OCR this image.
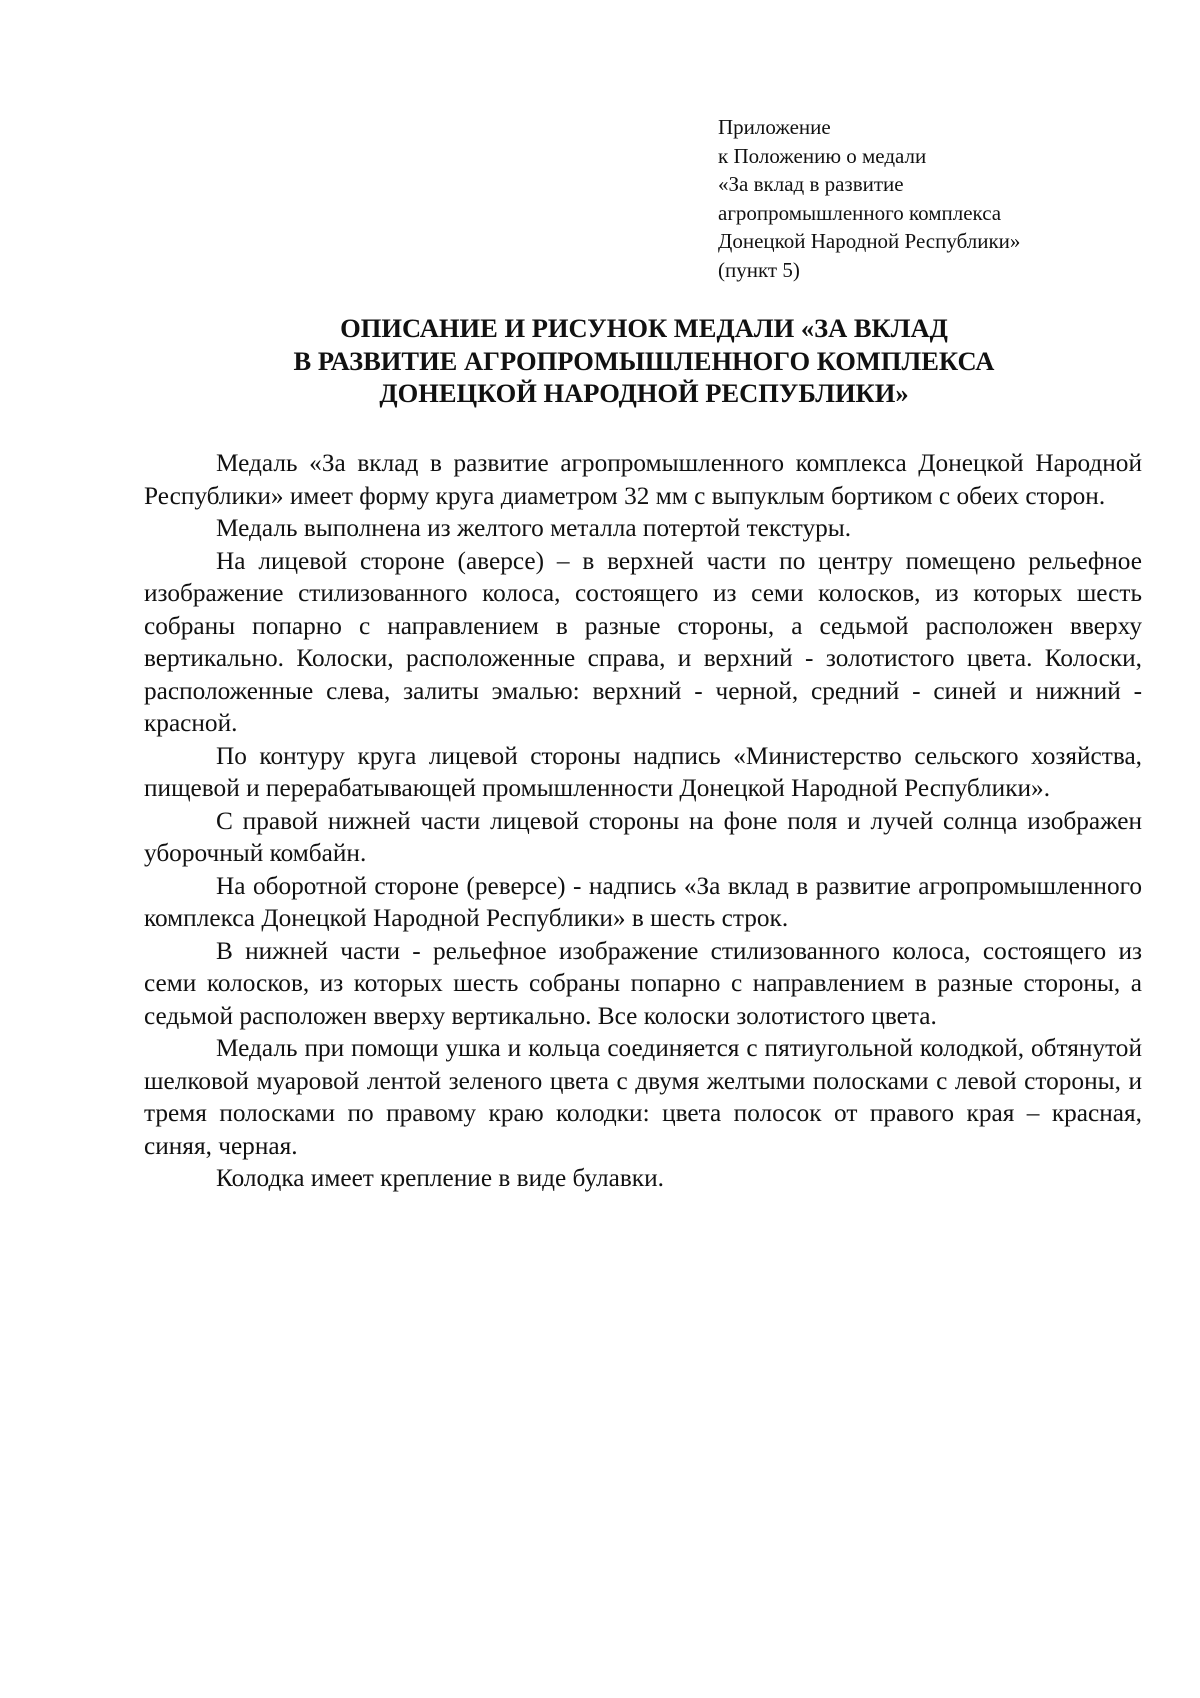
Приложение
к Положению о медали
«За вклад в развитие
агропромышленного комплекса
Донецкой Народной Республики»
(пункт 5)
ОПИСАНИЕ И РИСУНОК МЕДАЛИ «ЗА ВКЛАД
В РАЗВИТИЕ АГРОПРОМЫШЛЕННОГО КОМПЛЕКСА
ДОНЕЦКОЙ НАРОДНОЙ РЕСПУБЛИКИ»

Медаль «За вклад в развитие агропромышленного комплекса Донецкой Народной Республики» имеет форму круга диаметром 32 мм с выпуклым бортиком с обеих сторон.

Медаль выполнена из желтого металла потертой текстуры.

На лицевой стороне (аверсе) – в верхней части по центру помещено рельефное изображение стилизованного колоса, состоящего из семи колосков, из которых шесть собраны попарно с направлением в разные стороны, а седьмой расположен вверху вертикально. Колоски, расположенные справа, и верхний - золотистого цвета. Колоски, расположенные слева, залиты эмалью: верхний - черной, средний - синей и нижний - красной.

По контуру круга лицевой стороны надпись «Министерство сельского хозяйства, пищевой и перерабатывающей промышленности Донецкой Народной Республики».

С правой нижней части лицевой стороны на фоне поля и лучей солнца изображен уборочный комбайн.

На оборотной стороне (реверсе) - надпись «За вклад в развитие агропромышленного комплекса Донецкой Народной Республики» в шесть строк.

В нижней части - рельефное изображение стилизованного колоса, состоящего из семи колосков, из которых шесть собраны попарно с направлением в разные стороны, а седьмой расположен вверху вертикально. Все колоски золотистого цвета.

Медаль при помощи ушка и кольца соединяется с пятиугольной колодкой, обтянутой шелковой муаровой лентой зеленого цвета с двумя желтыми полосками с левой стороны, и тремя полосками по правому краю колодки: цвета полосок от правого края – красная, синяя, черная.

Колодка имеет крепление в виде булавки.
